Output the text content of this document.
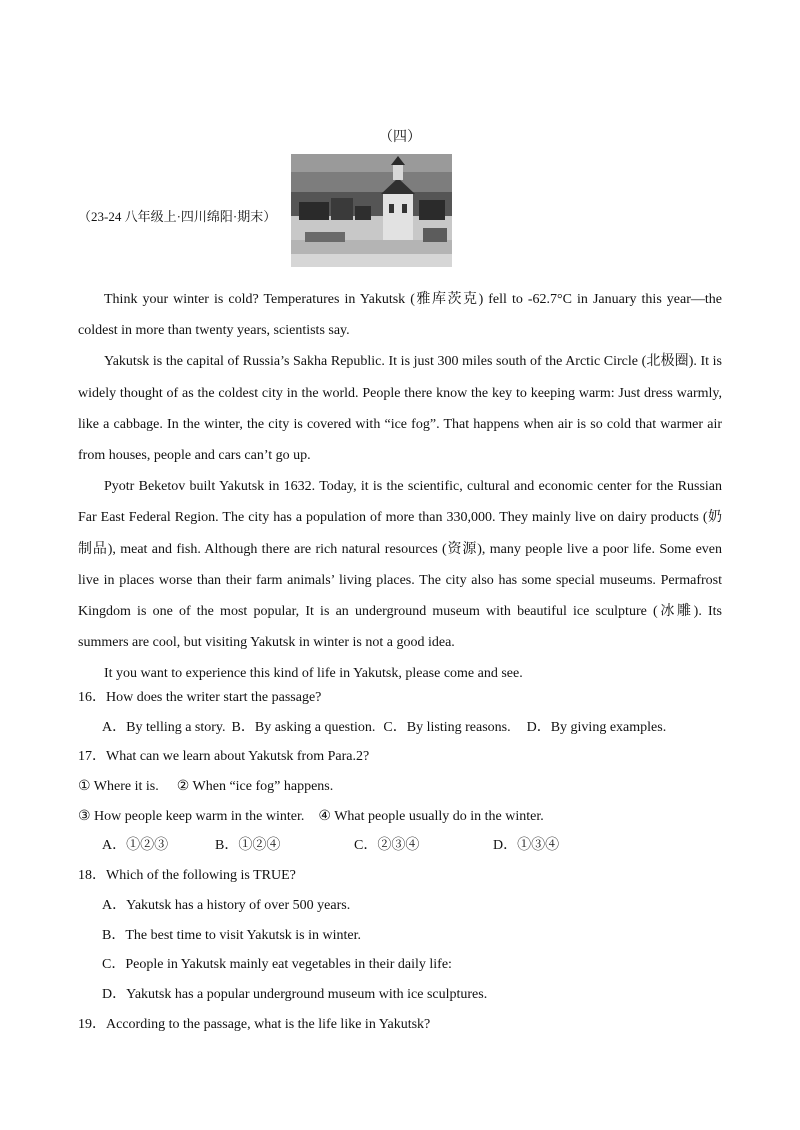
（四）
（23-24 八年级上·四川绵阳·期末）

Think your winter is cold? Temperatures in Yakutsk (雅库茨克) fell to -62.7°C in January this year—the coldest in more than twenty years, scientists say.

Yakutsk is the capital of Russia’s Sakha Republic. It is just 300 miles south of the Arctic Circle (北极圈). It is widely thought of as the coldest city in the world. People there know the key to keeping warm: Just dress warmly, like a cabbage. In the winter, the city is covered with “ice fog”. That happens when air is so cold that warmer air from houses, people and cars can’t go up.

Pyotr Beketov built Yakutsk in 1632. Today, it is the scientific, cultural and economic center for the Russian Far East Federal Region. The city has a population of more than 330,000. They mainly live on dairy products (奶制品), meat and fish. Although there are rich natural resources (资源), many people live a poor life. Some even live in places worse than their farm animals’ living places. The city also has some special museums. Permafrost Kingdom is one of the most popular, It is an underground museum with beautiful ice sculpture (冰雕). Its summers are cool, but visiting Yakutsk in winter is not a good idea.

It you want to experience this kind of life in Yakutsk, please come and see.

16．How does the writer start the passage?
A．By telling a story. B．By asking a question. C．By listing reasons. D．By giving examples.
17．What can we learn about Yakutsk from Para.2?
① Where it is. ② When “ice fog” happens.
③ How people keep warm in the winter. ④ What people usually do in the winter.
A．①②③	B．①②④	C．②③④	D．①③④
18．Which of the following is TRUE?
A．Yakutsk has a history of over 500 years.
B．The best time to visit Yakutsk is in winter.
C．People in Yakutsk mainly eat vegetables in their daily life:
D．Yakutsk has a popular underground museum with ice sculptures.
19．According to the passage, what is the life like in Yakutsk?
